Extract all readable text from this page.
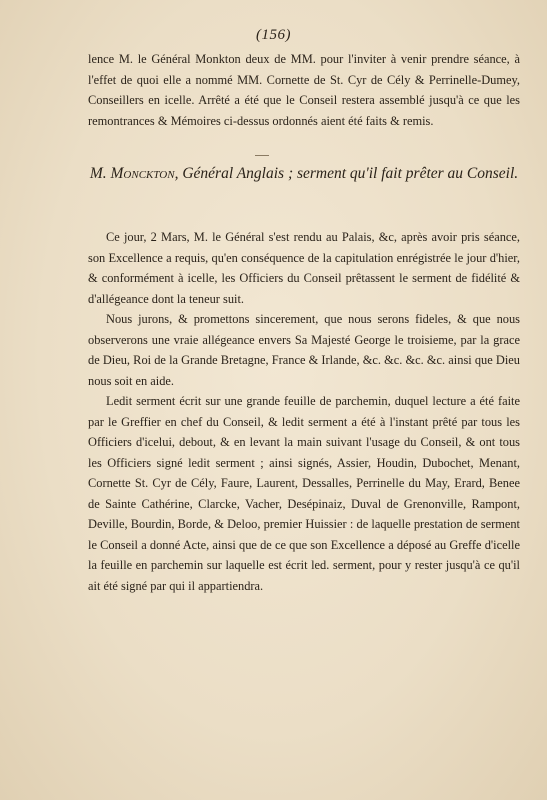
(156)

lence M. le Général Monkton deux de MM. pour l'inviter à venir prendre séance, à l'effet de quoi elle a nommé MM. Cornette de St. Cyr de Cély & Perrinelle-Dumey, Conseillers en icelle. Arrêté a été que le Conseil restera assemblé jusqu'à ce que les remontrances & Mémoires ci-dessus ordonnés aient été faits & remis.

M. Monckton, Général Anglais ; serment qu'il fait prêter au Conseil.

Ce jour, 2 Mars, M. le Général s'est rendu au Palais, &c, après avoir pris séance, son Excellence a requis, qu'en conséquence de la capitulation enrégistrée le jour d'hier, & conformément à icelle, les Officiers du Conseil prêtassent le serment de fidélité & d'allégeance dont la teneur suit.

Nous jurons, & promettons sincerement, que nous serons fideles, & que nous observerons une vraie allégeance envers Sa Majesté George le troisieme, par la grace de Dieu, Roi de la Grande Bretagne, France & Irlande, &c. &c. &c. &c. ainsi que Dieu nous soit en aide.

Ledit serment écrit sur une grande feuille de parchemin, duquel lecture a été faite par le Greffier en chef du Conseil, & ledit serment a été à l'instant prêté par tous les Officiers d'icelui, debout, & en levant la main suivant l'usage du Conseil, & ont tous les Officiers signé ledit serment ; ainsi signés, Assier, Houdin, Dubochet, Menant, Cornette St. Cyr de Cély, Faure, Laurent, Dessalles, Perrinelle du May, Erard, Benee de Sainte Cathérine, Clarcke, Vacher, Desépinaiz, Duval de Grenonville, Rampont, Deville, Bourdin, Borde, & Deloo, premier Huissier : de laquelle prestation de serment le Conseil a donné Acte, ainsi que de ce que son Excellence a déposé au Greffe d'icelle la feuille en parchemin sur laquelle est écrit led. serment, pour y rester jusqu'à ce qu'il ait été signé par qui il appartiendra.
